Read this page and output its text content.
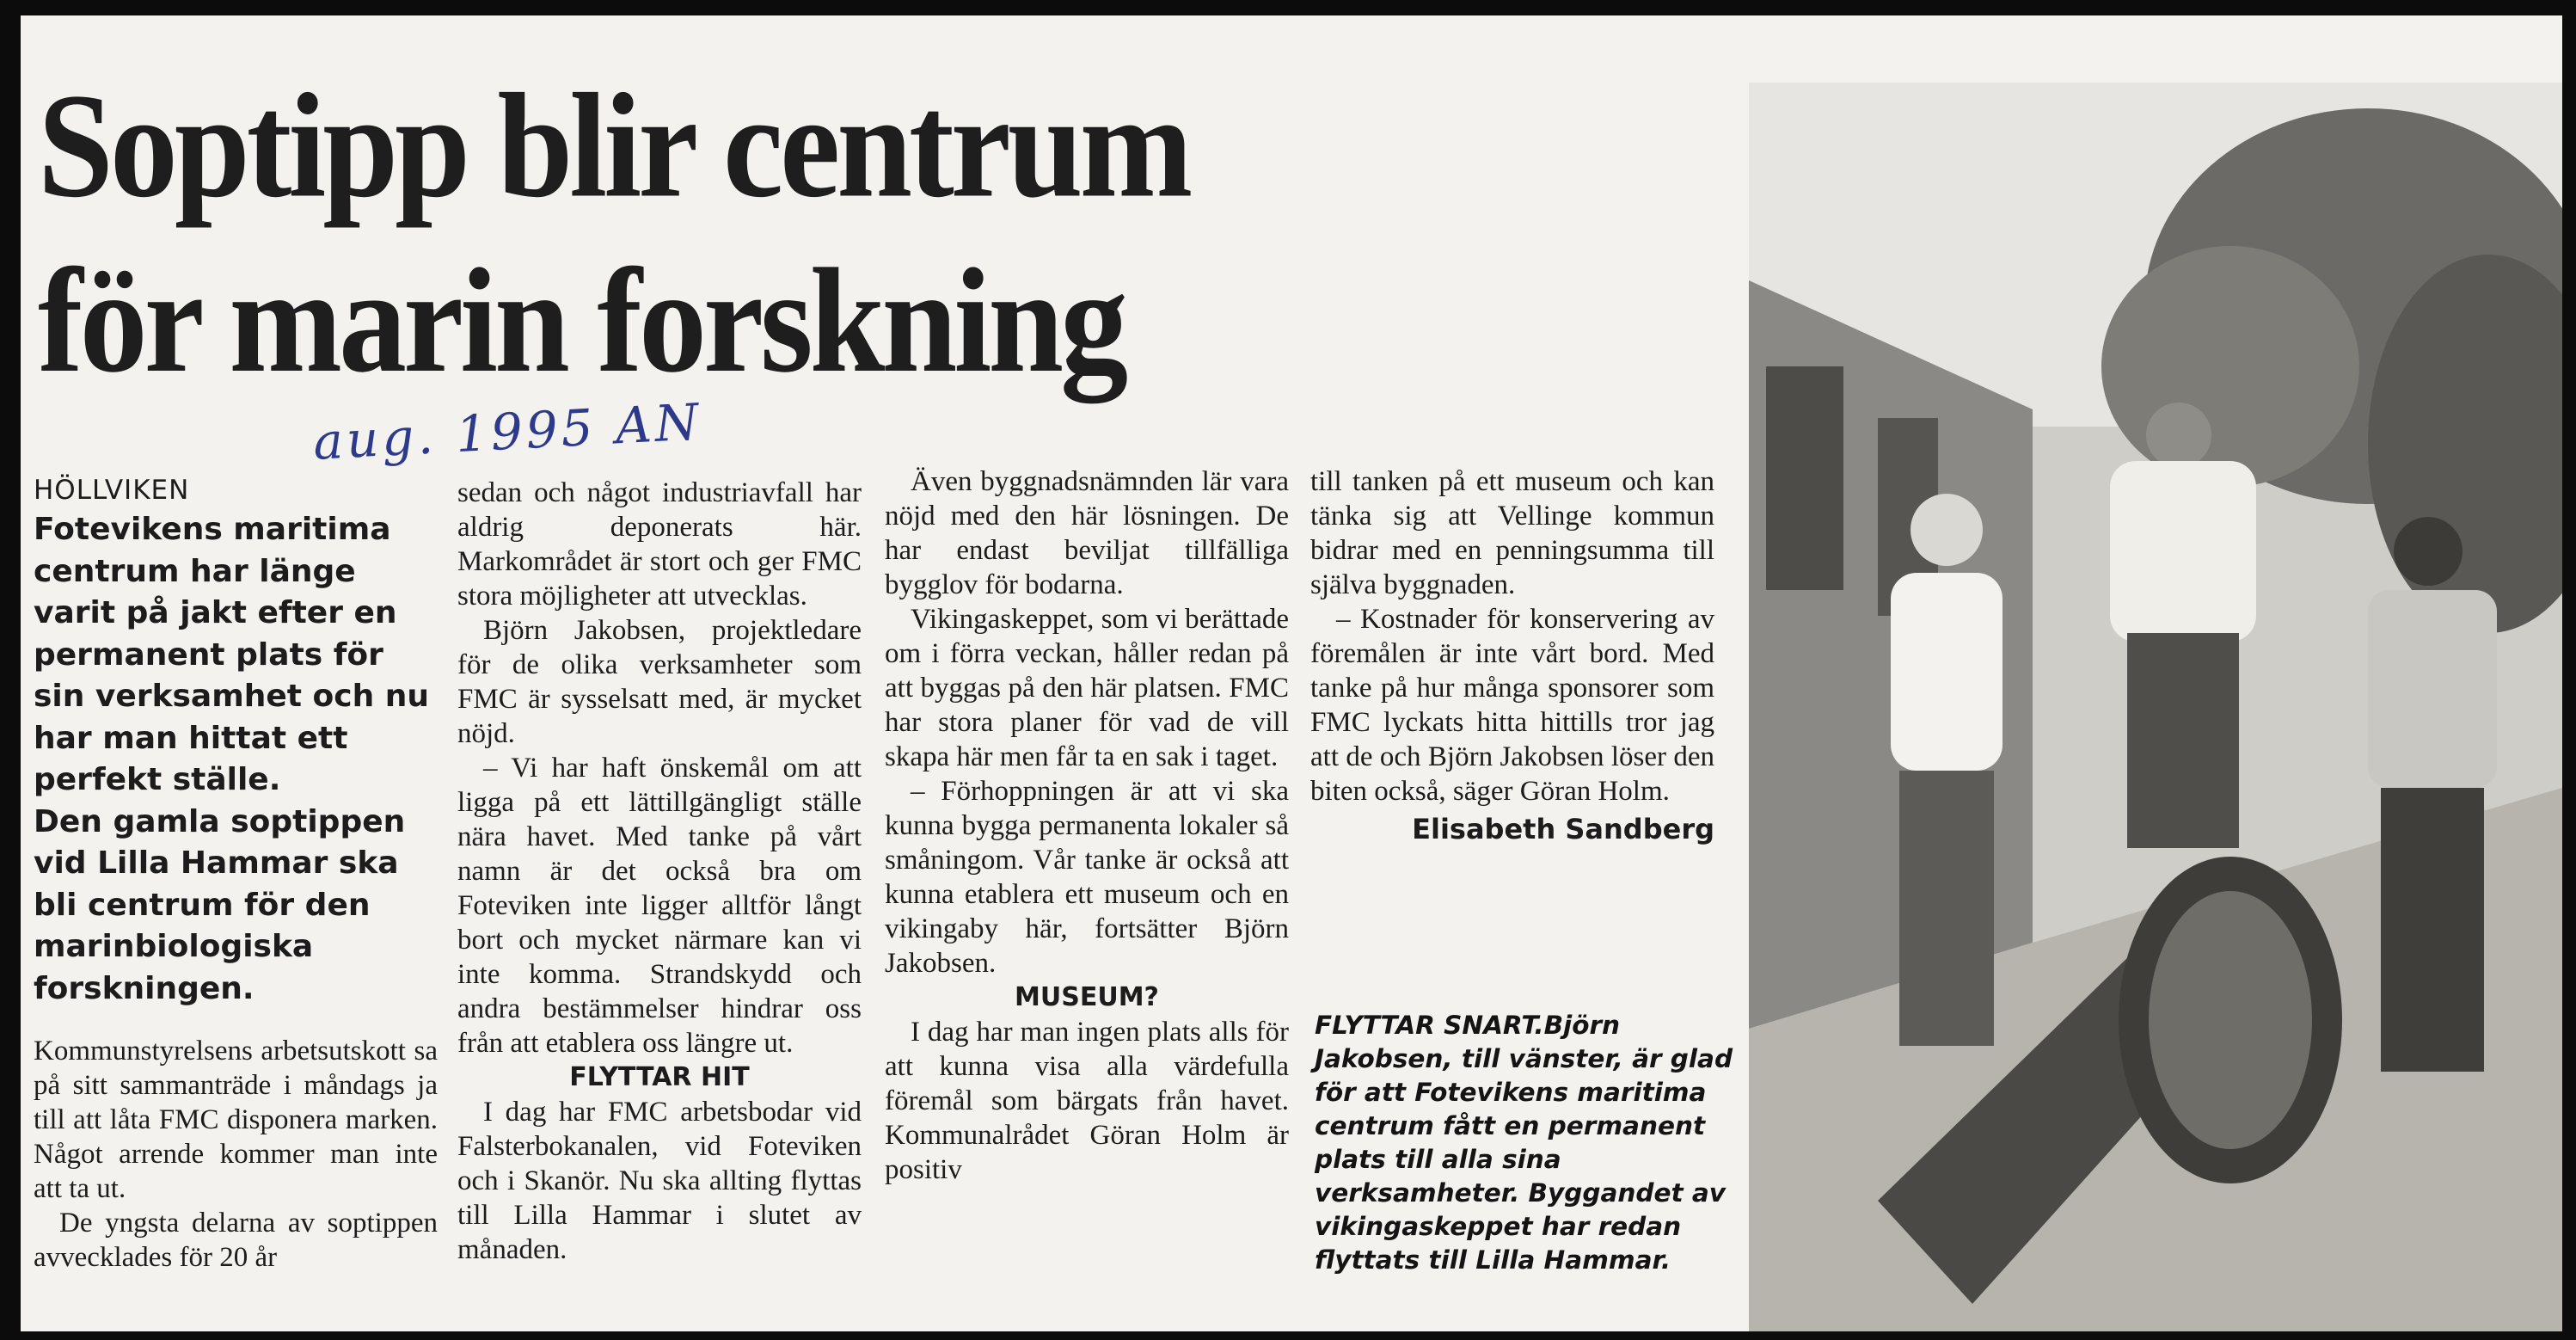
Soptipp blir centrum
för marin forskning
aug. 1995 AN
HÖLLVIKEN
Fotevikens maritima centrum har länge varit på jakt efter en permanent plats för sin verksamhet och nu har man hittat ett perfekt ställe.
Den gamla soptippen vid Lilla Hammar ska bli centrum för den marinbiologiska forskningen.

Kommunstyrelsens arbetsutskott sa på sitt sammanträde i måndags ja till att låta FMC disponera marken. Något arrende kommer man inte att ta ut.

De yngsta delarna av soptippen avvecklades för 20 år

sedan och något industriavfall har aldrig deponerats här. Markområdet är stort och ger FMC stora möjligheter att utvecklas.

Björn Jakobsen, projektledare för de olika verksamheter som FMC är sysselsatt med, är mycket nöjd.

– Vi har haft önskemål om att ligga på ett lättillgängligt ställe nära havet. Med tanke på vårt namn är det också bra om Foteviken inte ligger alltför långt bort och mycket närmare kan vi inte komma. Strandskydd och andra bestämmelser hindrar oss från att etablera oss längre ut.

FLYTTAR HIT

I dag har FMC arbetsbodar vid Falsterbokanalen, vid Foteviken och i Skanör. Nu ska allting flyttas till Lilla Hammar i slutet av månaden.

Även byggnadsnämnden lär vara nöjd med den här lösningen. De har endast beviljat tillfälliga bygglov för bodarna.

Vikingaskeppet, som vi berättade om i förra veckan, håller redan på att byggas på den här platsen. FMC har stora planer för vad de vill skapa här men får ta en sak i taget.

– Förhoppningen är att vi ska kunna bygga permanenta lokaler så småningom. Vår tanke är också att kunna etablera ett museum och en vikingaby här, fortsätter Björn Jakobsen.

MUSEUM?

I dag har man ingen plats alls för att kunna visa alla värdefulla föremål som bärgats från havet. Kommunalrådet Göran Holm är positiv

till tanken på ett museum och kan tänka sig att Vellinge kommun bidrar med en penningsumma till själva byggnaden.

– Kostnader för konservering av föremålen är inte vårt bord. Med tanke på hur många sponsorer som FMC lyckats hitta hittills tror jag att de och Björn Jakobsen löser den biten också, säger Göran Holm.

Elisabeth Sandberg
FLYTTAR SNART.Björn Jakobsen, till vänster, är glad för att Fotevikens maritima centrum fått en permanent plats till alla sina verksamheter. Byggandet av vikingaskeppet har redan flyttats till Lilla Hammar.
